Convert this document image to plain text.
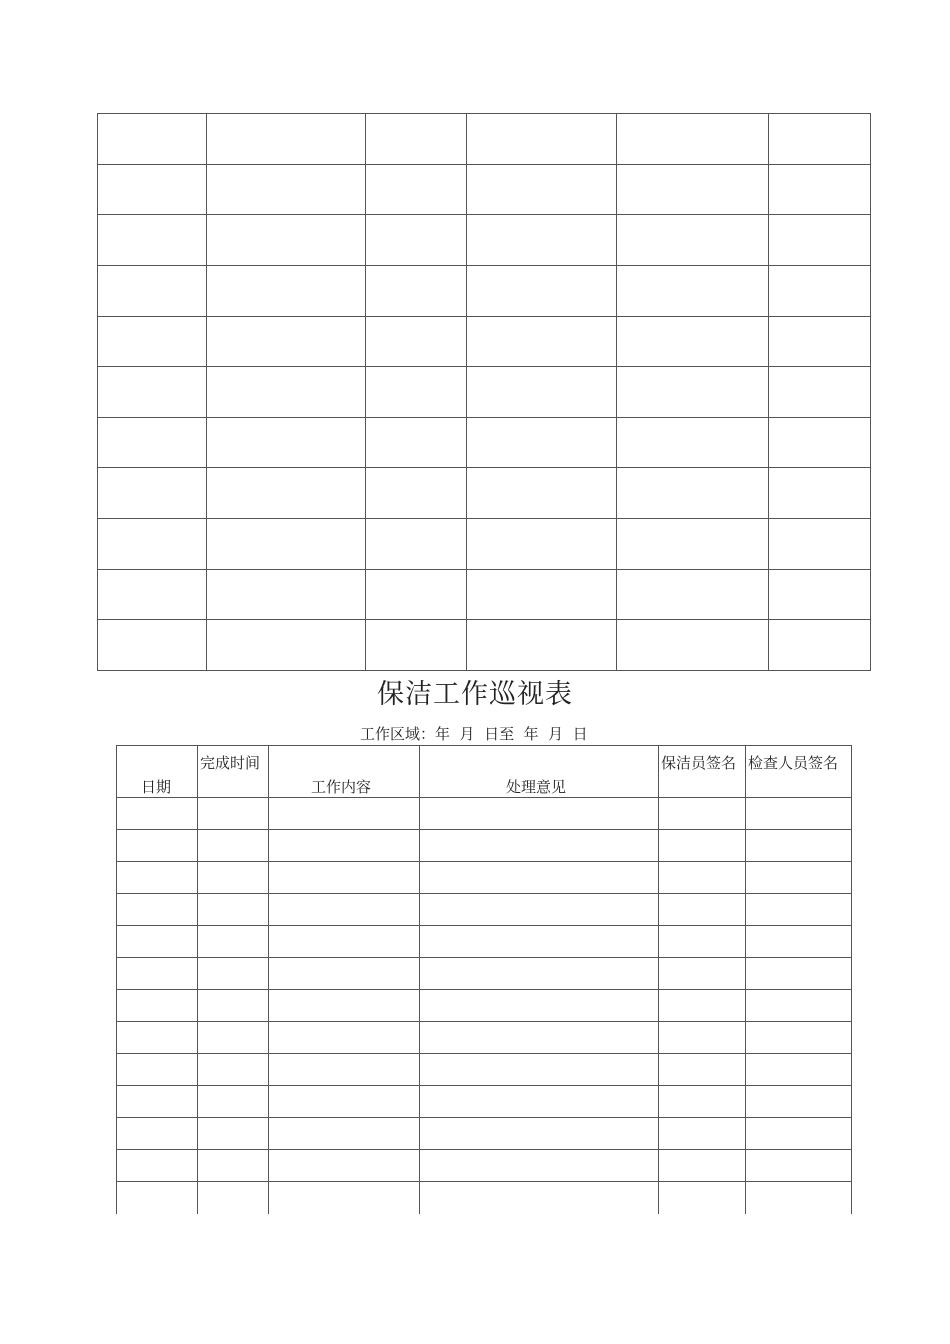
保洁工作巡视表
工作区域：年  月  日至  年  月  日
日期	完成时间	工作内容	处理意见	保洁员签名	检查人员签名
